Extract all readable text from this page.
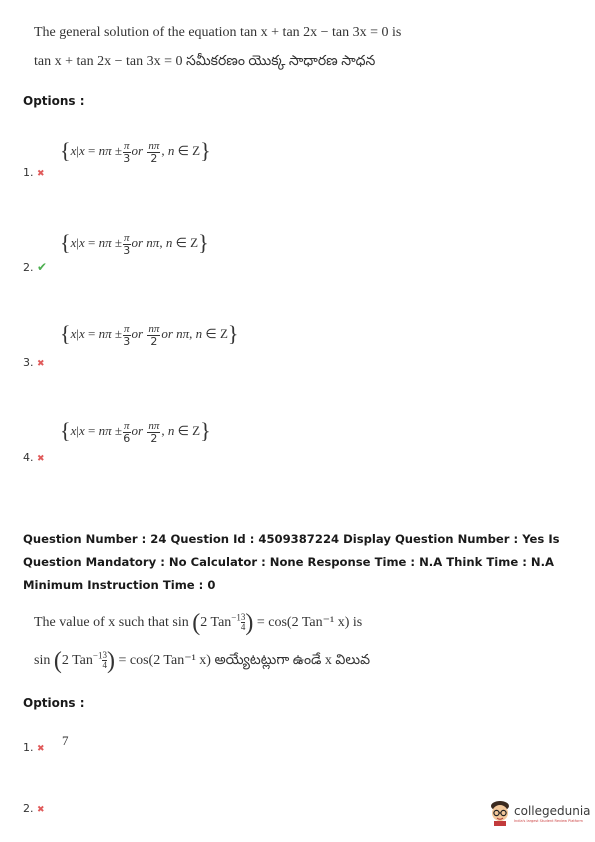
The general solution of the equation tan x + tan 2x − tan 3x = 0 is
tan x + tan 2x − tan 3x = 0 సమీకరణం యొక్క సాధారణ సాధన
Options :
{$x|x = n\pi \pm \frac{\pi}{3}$ or $\frac{n\pi}{2}$ , n ∈ Z}
1. ✖
{$x|x = n\pi \pm \frac{\pi}{3}$ or nπ, n ∈ Z}
2. ✔
{$x|x = n\pi \pm \frac{\pi}{3}$ or $\frac{n\pi}{2}$ or nπ, n ∈ Z}
3. ✖
{$x|x = n\pi \pm \frac{\pi}{6}$ or $\frac{n\pi}{2}$ , n ∈ Z}
4. ✖
Question Number : 24 Question Id : 4509387224 Display Question Number : Yes Is Question Mandatory : No Calculator : None Response Time : N.A Think Time : N.A Minimum Instruction Time : 0
The value of x such that sin (2 $Tan^{-1} \frac{3}{4}) = \cos(2$ Tan⁻¹ x) is
sin (2 $Tan^{-1} \frac{3}{4}) = \cos(2$ Tan⁻¹ x) అయ్యేటట్లుగా ఉండే x విలువ
Options :
7
1. ✖
2. ✖	collegedunia
India's largest Student Review Platform
